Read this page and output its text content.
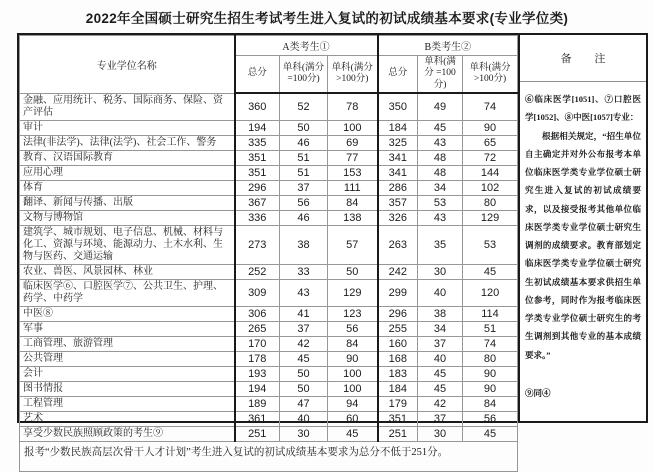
2022年全国硕士研究生招生考试考生进入复试的初试成绩基本要求(专业学位类)
专业学位名称	A类考生①			B类考生②		
	总分	单科(满分 =100分)	单科(满分 >100分)	总分	单科(满分 =100分)	单科(满分 >100分)
金融、应用统计、税务、国际商务、保险、资产评估	360	52	78	350	49	74
审计	194	50	100	184	45	90
法律(非法学)、法律(法学)、社会工作、警务	335	46	69	325	43	65
教育、汉语国际教育	351	51	77	341	48	72
应用心理	351	51	153	341	48	144
体育	296	37	111	286	34	102
翻译、新闻与传播、出版	367	56	84	357	53	80
文物与博物馆	336	46	138	326	43	129
建筑学、城市规划、电子信息、机械、材料与化工、资源与环境、能源动力、土木水利、生物与医药、交通运输	273	38	57	263	35	53
农业、兽医、风景园林、林业	252	33	50	242	30	45
临床医学⑥、口腔医学⑦、公共卫生、护理、药学、中药学	309	43	129	299	40	120
中医⑧	306	41	123	296	38	114
军事	265	37	56	255	34	51
工商管理、旅游管理	170	42	84	160	37	74
公共管理	178	45	90	168	40	80
会计	193	50	100	183	45	90
图书情报	194	50	100	184	45	90
工程管理	189	47	94	179	42	84
艺术	361	40	60	351	37	56
享受少数民族照顾政策的考生⑨	251	30	45	251	30	45
报考“少数民族高层次骨干人才计划”考生进入复试的初试成绩基本要求为总分不低于251分。						
备 注

⑥临床医学[1051]、⑦口腔医学[1052]、⑧中医[1057]专业：

根据相关规定，“招生单位自主确定并对外公布报考本单位临床医学类专业学位硕士研究生进入复试的初试成绩要求，以及接受报考其他单位临床医学类专业学位硕士研究生调剂的成绩要求。教育部划定临床医学类专业学位硕士研究生初试成绩基本要求供招生单位参考，同时作为报考临床医学类专业学位硕士研究生的考生调剂到其他专业的基本成绩要求。”

⑨同④
